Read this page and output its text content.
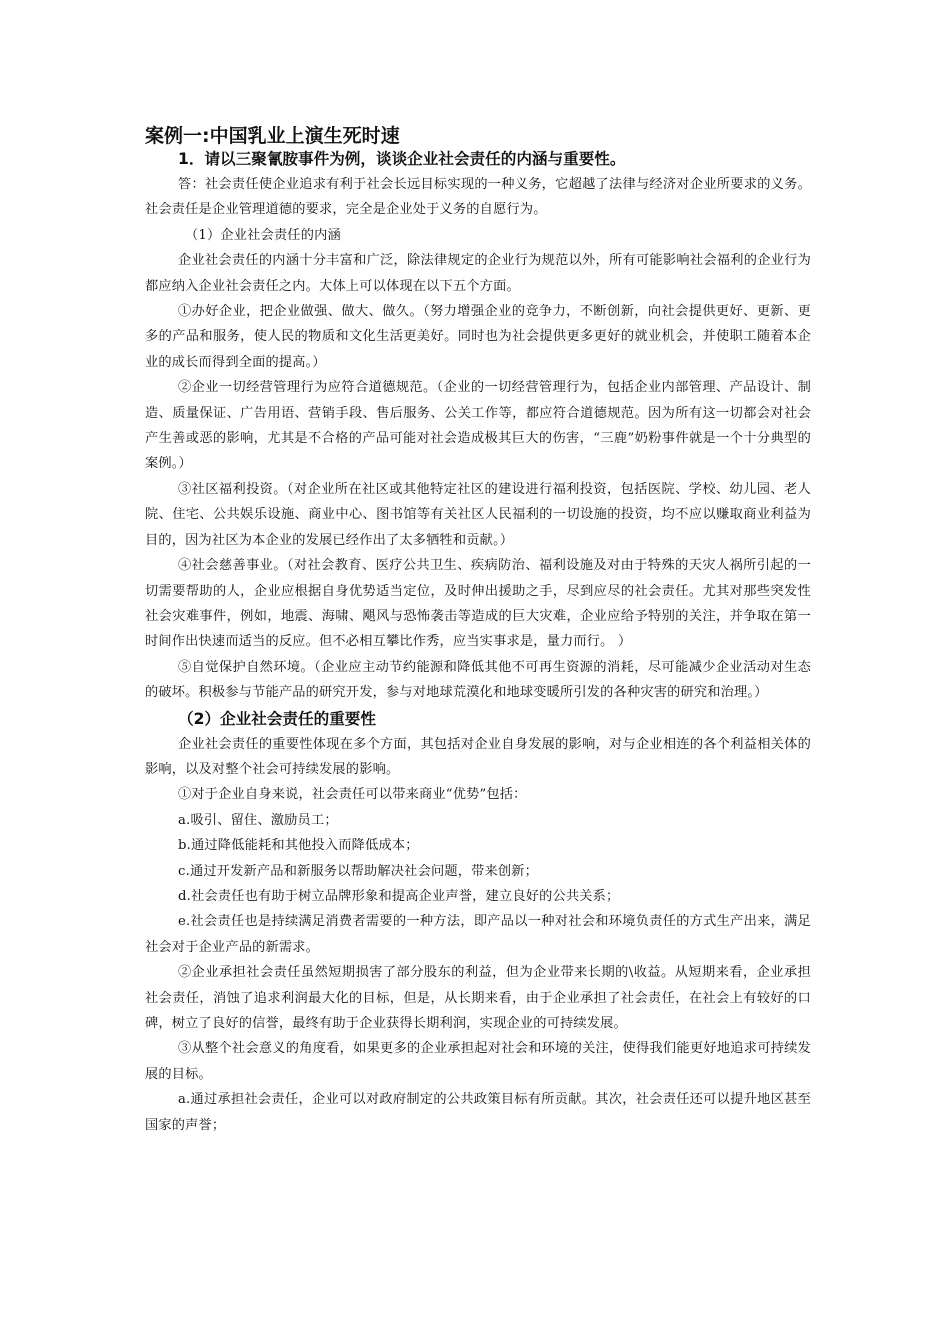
案例一:中国乳业上演生死时速

1．请以三聚氰胺事件为例，谈谈企业社会责任的内涵与重要性。

答：社会责任使企业追求有利于社会长远目标实现的一种义务，它超越了法律与经济对企业所要求的义务。社会责任是企业管理道德的要求，完全是企业处于义务的自愿行为。

（1）企业社会责任的内涵

企业社会责任的内涵十分丰富和广泛，除法律规定的企业行为规范以外，所有可能影响社会福利的企业行为都应纳入企业社会责任之内。大体上可以体现在以下五个方面。

①办好企业，把企业做强、做大、做久。（努力增强企业的竞争力，不断创新，向社会提供更好、更新、更多的产品和服务，使人民的物质和文化生活更美好。同时也为社会提供更多更好的就业机会，并使职工随着本企业的成长而得到全面的提高。）

②企业一切经营管理行为应符合道德规范。（企业的一切经营管理行为，包括企业内部管理、产品设计、制造、质量保证、广告用语、营销手段、售后服务、公关工作等，都应符合道德规范。因为所有这一切都会对社会产生善或恶的影响，尤其是不合格的产品可能对社会造成极其巨大的伤害，“三鹿”奶粉事件就是一个十分典型的案例。）

③社区福利投资。（对企业所在社区或其他特定社区的建设进行福利投资，包括医院、学校、幼儿园、老人院、住宅、公共娱乐设施、商业中心、图书馆等有关社区人民福利的一切设施的投资，均不应以赚取商业利益为目的，因为社区为本企业的发展已经作出了太多牺牲和贡献。）

④社会慈善事业。（对社会教育、医疗公共卫生、疾病防治、福利设施及对由于特殊的天灾人祸所引起的一切需要帮助的人，企业应根据自身优势适当定位，及时伸出援助之手，尽到应尽的社会责任。尤其对那些突发性社会灾难事件，例如，地震、海啸、飓风与恐怖袭击等造成的巨大灾难，企业应给予特别的关注，并争取在第一时间作出快速而适当的反应。但不必相互攀比作秀，应当实事求是，量力而行。 ）

⑤自觉保护自然环境。（企业应主动节约能源和降低其他不可再生资源的消耗，尽可能减少企业活动对生态的破坏。积极参与节能产品的研究开发，参与对地球荒漠化和地球变暖所引发的各种灾害的研究和治理。）

（2）企业社会责任的重要性

企业社会责任的重要性体现在多个方面，其包括对企业自身发展的影响，对与企业相连的各个利益相关体的影响，以及对整个社会可持续发展的影响。

①对于企业自身来说，社会责任可以带来商业“优势”包括：

a.吸引、留住、激励员工；

b.通过降低能耗和其他投入而降低成本；

c.通过开发新产品和新服务以帮助解决社会问题，带来创新；

d.社会责任也有助于树立品牌形象和提高企业声誉，建立良好的公共关系；

e.社会责任也是持续满足消费者需要的一种方法，即产品以一种对社会和环境负责任的方式生产出来，满足社会对于企业产品的新需求。

②企业承担社会责任虽然短期损害了部分股东的利益，但为企业带来长期的\收益。从短期来看，企业承担社会责任，消蚀了追求利润最大化的目标，但是，从长期来看，由于企业承担了社会责任，在社会上有较好的口碑，树立了良好的信誉，最终有助于企业获得长期利润，实现企业的可持续发展。

③从整个社会意义的角度看，如果更多的企业承担起对社会和环境的关注，使得我们能更好地追求可持续发展的目标。

a.通过承担社会责任，企业可以对政府制定的公共政策目标有所贡献。其次，社会责任还可以提升地区甚至国家的声誉；
